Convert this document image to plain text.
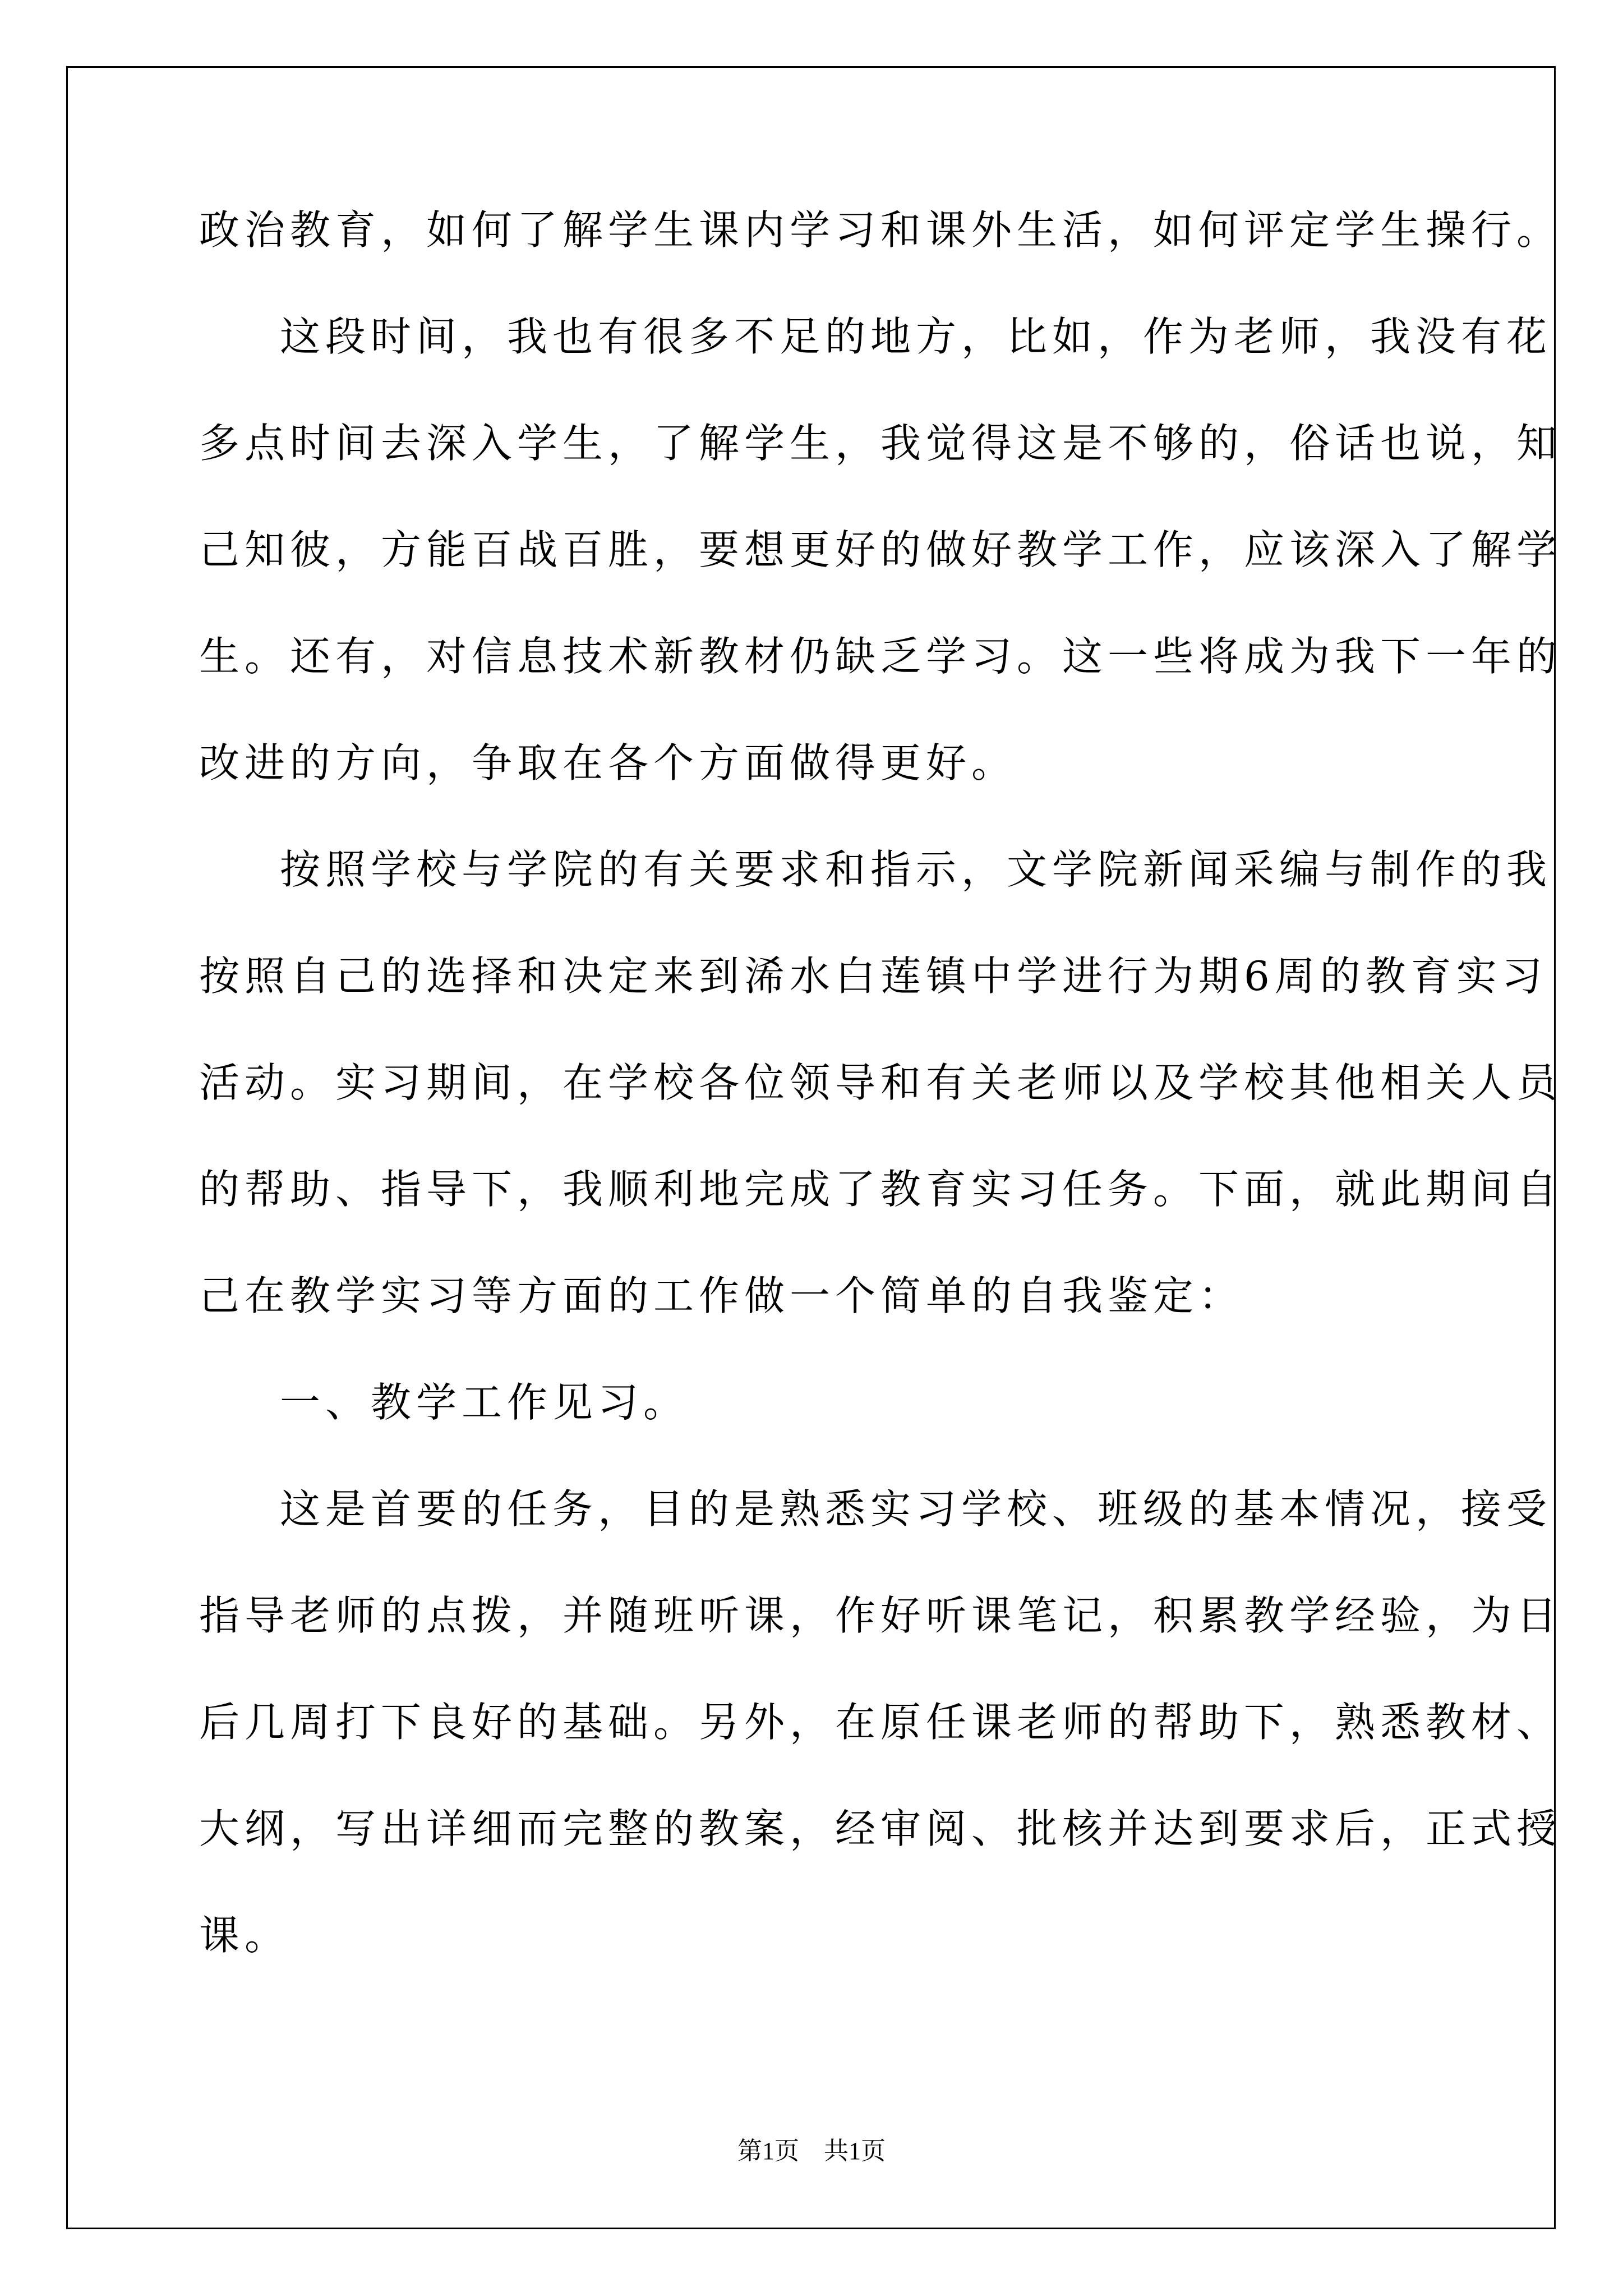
政治教育，如何了解学生课内学习和课外生活，如何评定学生操行。
这段时间，我也有很多不足的地方，比如，作为老师，我没有花
多点时间去深入学生，了解学生，我觉得这是不够的，俗话也说，知
己知彼，方能百战百胜，要想更好的做好教学工作，应该深入了解学
生。还有，对信息技术新教材仍缺乏学习。这一些将成为我下一年的
改进的方向，争取在各个方面做得更好。
按照学校与学院的有关要求和指示，文学院新闻采编与制作的我
按照自己的选择和决定来到浠水白莲镇中学进行为期6周的教育实习
活动。实习期间，在学校各位领导和有关老师以及学校其他相关人员
的帮助、指导下，我顺利地完成了教育实习任务。下面，就此期间自
己在教学实习等方面的工作做一个简单的自我鉴定：
一、教学工作见习。
这是首要的任务，目的是熟悉实习学校、班级的基本情况，接受
指导老师的点拨，并随班听课，作好听课笔记，积累教学经验，为日
后几周打下良好的基础。另外，在原任课老师的帮助下，熟悉教材、
大纲，写出详细而完整的教案，经审阅、批核并达到要求后，正式授
课。
第1页 共1页
